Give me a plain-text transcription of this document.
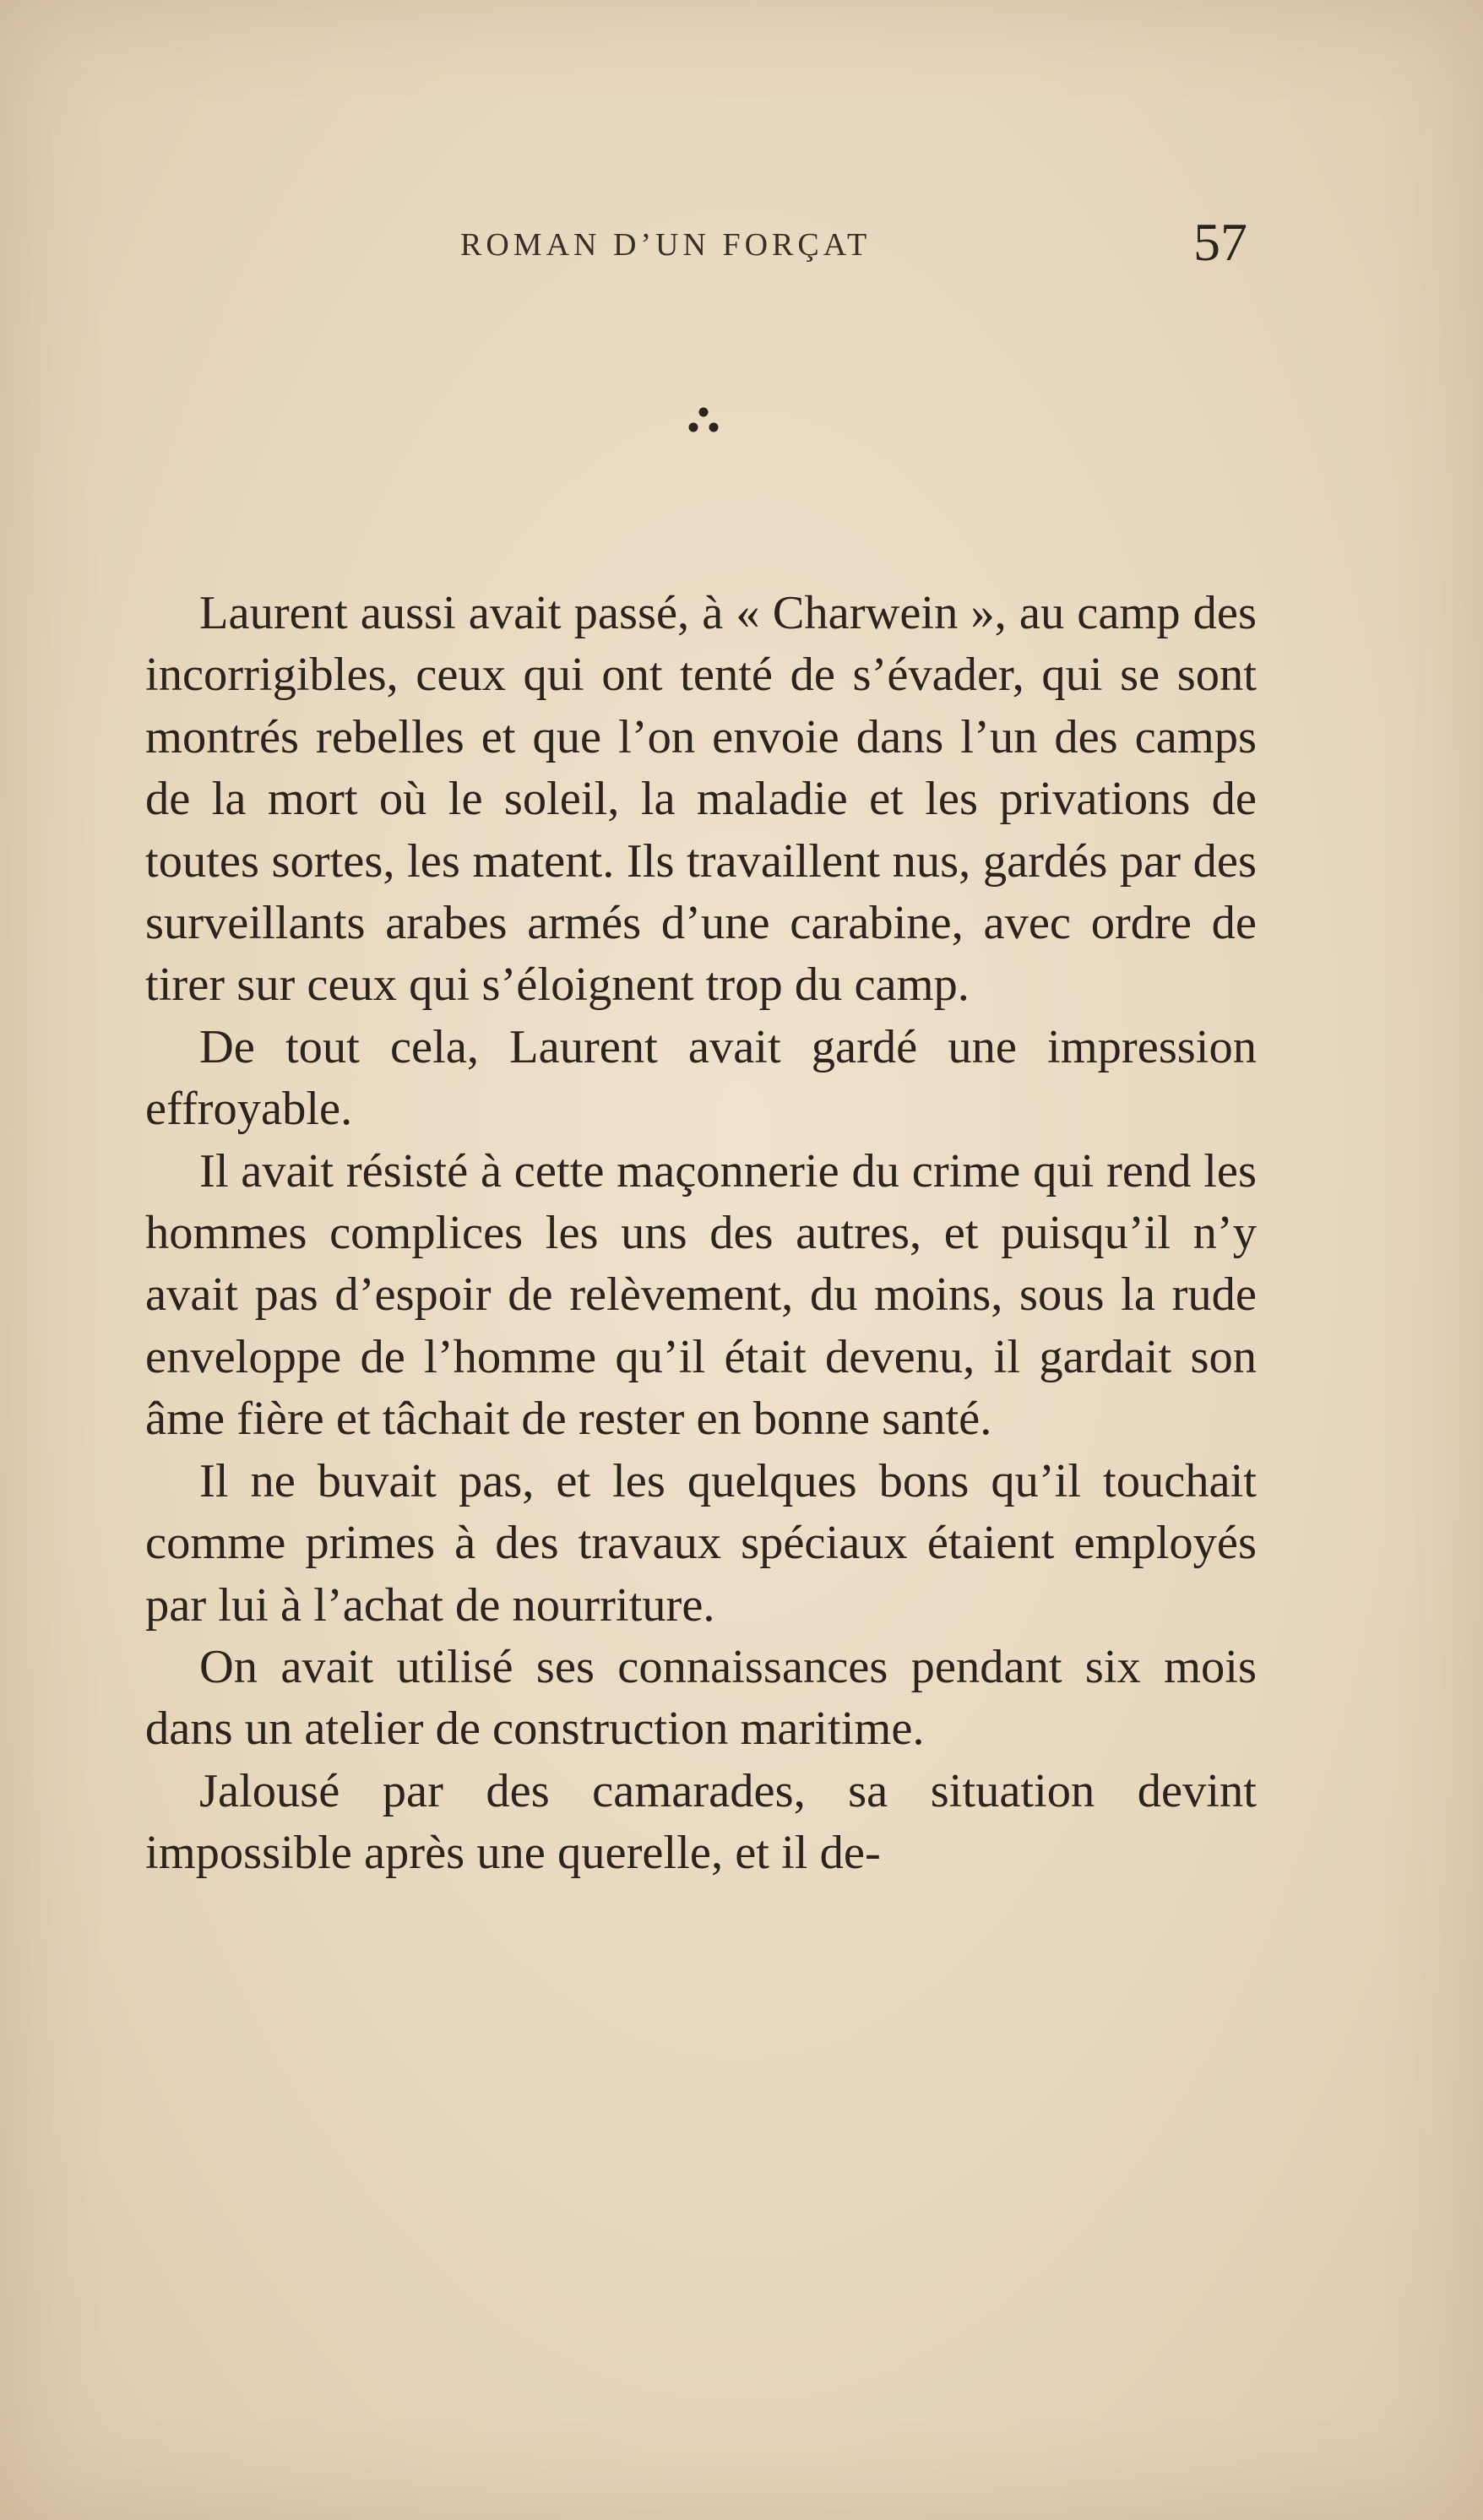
ROMAN D’UN FORÇAT	57

Laurent aussi avait passé, à « Charwein », au camp des incorrigibles, ceux qui ont tenté de s’évader, qui se sont montrés rebelles et que l’on envoie dans l’un des camps de la mort où le soleil, la maladie et les privations de toutes sortes, les matent. Ils travaillent nus, gardés par des surveillants arabes armés d’une carabine, avec ordre de tirer sur ceux qui s’éloignent trop du camp.

De tout cela, Laurent avait gardé une impression effroyable.

Il avait résisté à cette maçonnerie du crime qui rend les hommes complices les uns des autres, et puisqu’il n’y avait pas d’espoir de relèvement, du moins, sous la rude enveloppe de l’homme qu’il était devenu, il gardait son âme fière et tâchait de rester en bonne santé.

Il ne buvait pas, et les quelques bons qu’il touchait comme primes à des travaux spéciaux étaient employés par lui à l’achat de nourriture.

On avait utilisé ses connaissances pendant six mois dans un atelier de construction maritime.

Jalousé par des camarades, sa situation devint impossible après une querelle, et il de-
